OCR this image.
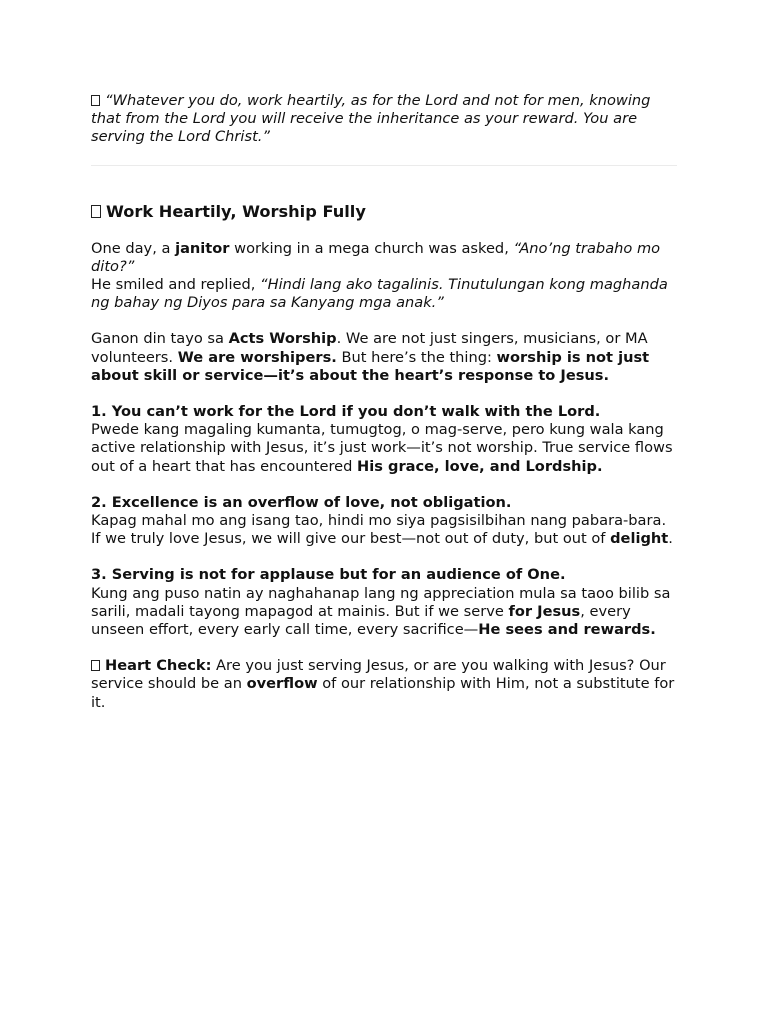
“Whatever you do, work heartily, as for the Lord and not for men, knowing that from the Lord you will receive the inheritance as your reward. You are serving the Lord Christ.”

Work Heartily, Worship Fully

One day, a janitor working in a mega church was asked, “Ano’ng trabaho mo dito?”

He smiled and replied, “Hindi lang ako tagalinis. Tinutulungan kong maghanda ng bahay ng Diyos para sa Kanyang mga anak.”

Ganon din tayo sa Acts Worship. We are not just singers, musicians, or MA volunteers. We are worshipers. But here’s the thing: worship is not just about skill or service—it’s about the heart’s response to Jesus.

1. You can’t work for the Lord if you don’t walk with the Lord.
Pwede kang magaling kumanta, tumugtog, o mag-serve, pero kung wala kang active relationship with Jesus, it’s just work—it’s not worship. True service flows out of a heart that has encountered His grace, love, and Lordship.

2. Excellence is an overflow of love, not obligation.
Kapag mahal mo ang isang tao, hindi mo siya pagsisilbihan nang pabara-bara. If we truly love Jesus, we will give our best—not out of duty, but out of delight.

3. Serving is not for applause but for an audience of One.
Kung ang puso natin ay naghahanap lang ng appreciation mula sa taoo bilib sa sarili, madali tayong mapagod at mainis. But if we serve for Jesus, every unseen effort, every early call time, every sacrifice—He sees and rewards.

Heart Check: Are you just serving Jesus, or are you walking with Jesus? Our service should be an overflow of our relationship with Him, not a substitute for it.
